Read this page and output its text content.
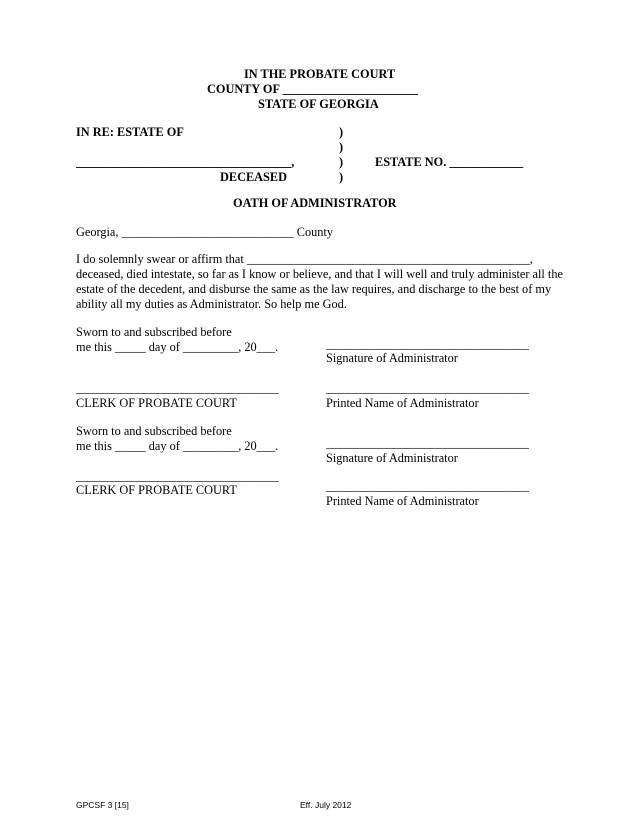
IN THE PROBATE COURT
COUNTY OF ______________________
STATE OF GEORGIA
IN RE: ESTATE OF
___________________________________,
DECEASED
)
)
)
)
ESTATE NO. ____________
OATH OF ADMINISTRATOR
Georgia, ____________________________ County
I do solemnly swear or affirm that ______________________________________________, deceased, died intestate, so far as I know or believe, and that I will well and truly administer all the estate of the decedent, and disburse the same as the law requires, and discharge to the best of my ability all my duties as Administrator. So help me God.
Sworn to and subscribed before
me this _____ day of _________, 20___.	_________________________________
Signature of Administrator
_________________________________
CLERK OF PROBATE COURT
_________________________________
Printed Name of Administrator
Sworn to and subscribed before
me this _____ day of _________, 20___.	_________________________________
Signature of Administrator
_________________________________
CLERK OF PROBATE COURT	_________________________________
Printed Name of Administrator
GPCSF 3 [15]	Eff. July 2012
